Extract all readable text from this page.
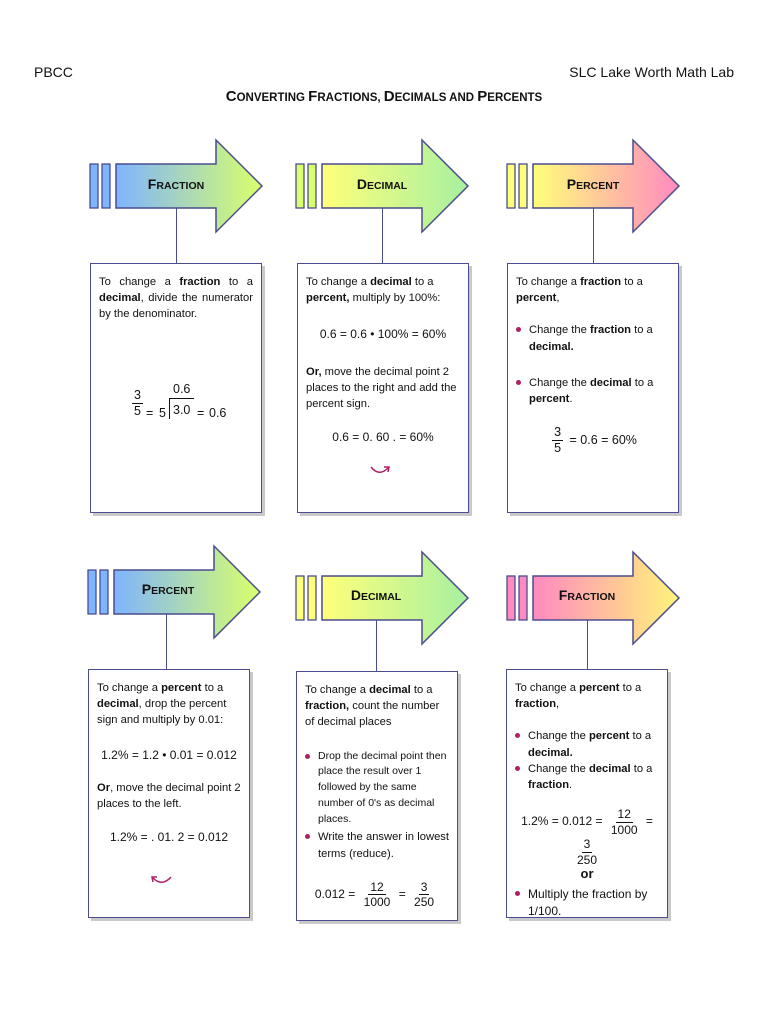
PBCC	SLC Lake Worth Math Lab
CONVERTING FRACTIONS, DECIMALS AND PERCENTS
FRACTION	DECIMAL	PERCENT

To change a fraction to a decimal, divide the numerator by the denominator.

$\frac{3}{5} = 5$
0.6
3.0 = 0.6

To change a decimal to a percent, multiply by 100%:

0.6 = 0.6 • 100% = 60%

Or, move the decimal point 2 places to the right and add the percent sign.

0.6 = 0. 60 . = 60%

To change a fraction to a percent,

Change the fraction to a decimal.

Change the decimal to a percent.

$\frac{3}{5} = 0.6 = 60\%$
PERCENT	DECIMAL	FRACTION

To change a percent to a decimal, drop the percent sign and multiply by 0.01:

1.2% = 1.2 • 0.01 = 0.012

Or, move the decimal point 2 places to the left.

1.2% = . 01. 2 = 0.012

To change a decimal to a fraction, count the number of decimal places

Drop the decimal point then place the result over 1 followed by the same number of 0's as decimal places.

Write the answer in lowest terms (reduce).

$0.012 = \frac{12}{1000} = \frac{3}{250}$

To change a percent to a fraction,

Change the percent to a decimal.

Change the decimal to a fraction.

$1.2\% = 0.012 = \frac{12}{1000}$ =
$\frac{3}{250}$

or

Multiply the fraction by 1/100.
